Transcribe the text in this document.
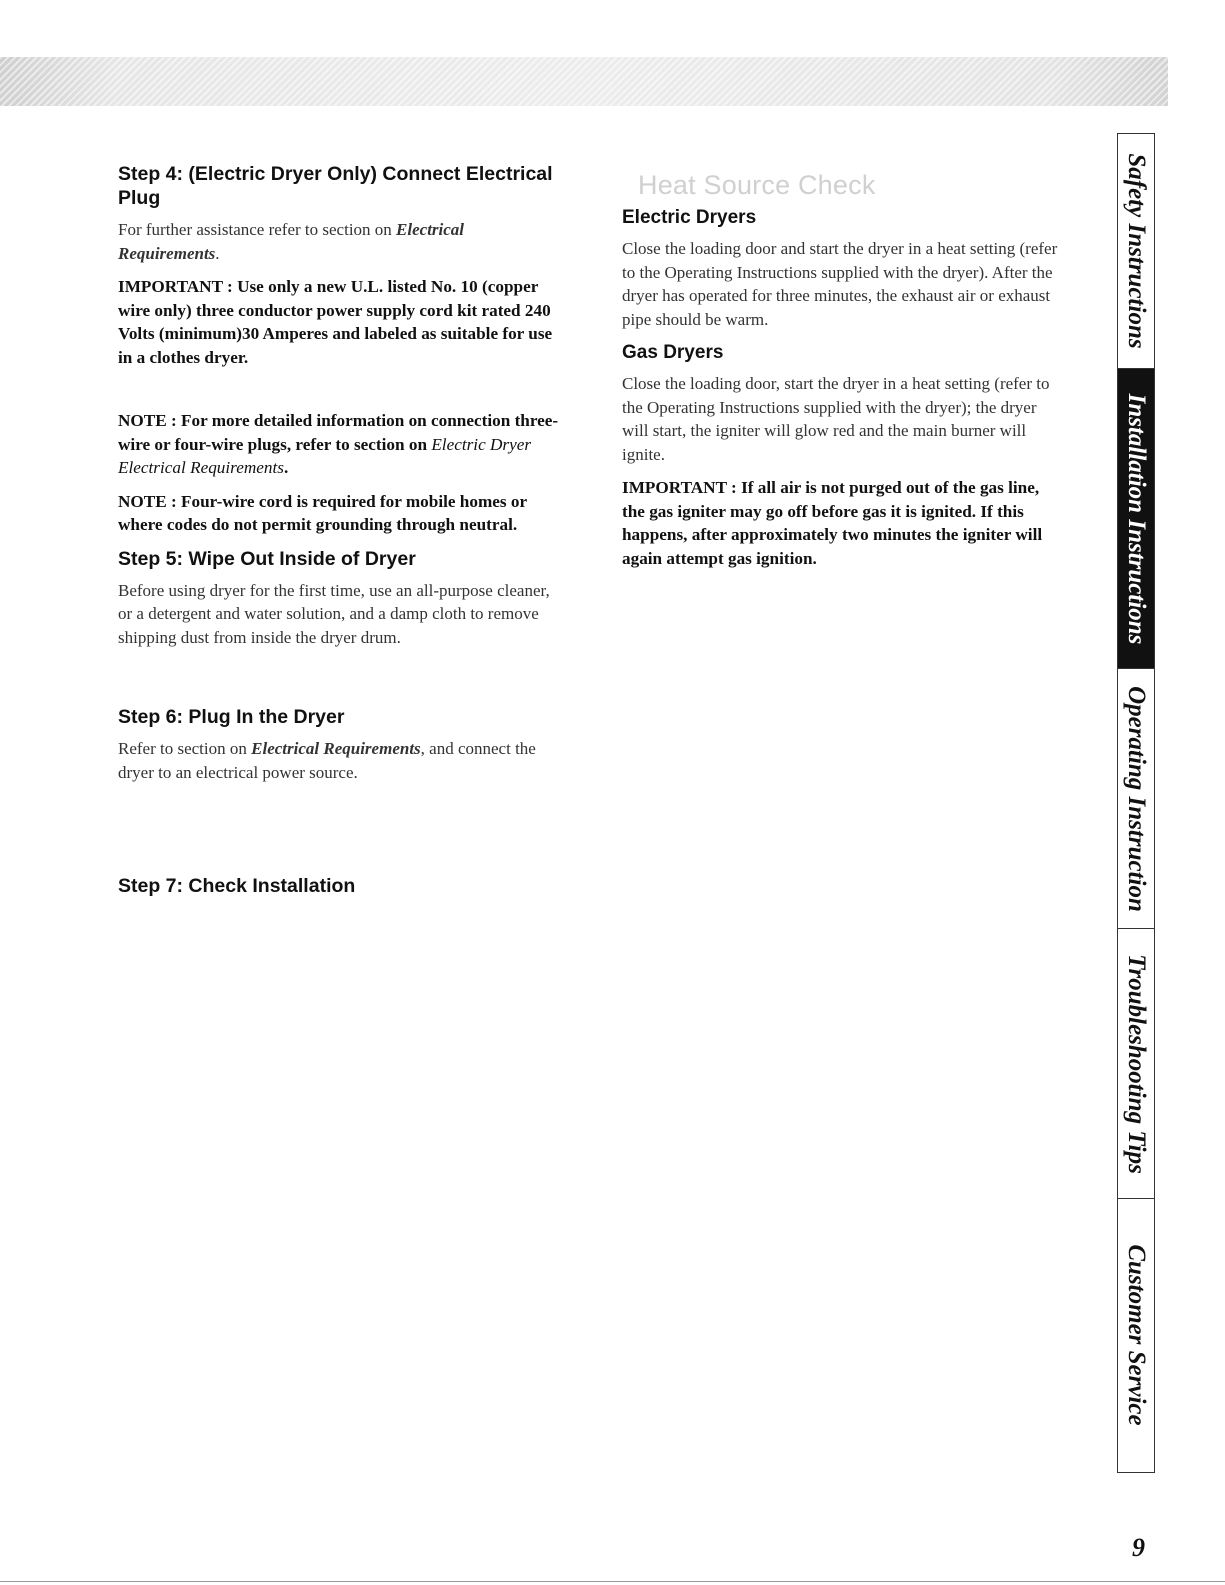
Step 4: (Electric Dryer Only) Connect Electrical Plug

For further assistance refer to section on Electrical Requirements.

IMPORTANT : Use only a new U.L. listed No. 10 (copper wire only) three conductor power supply cord kit rated 240 Volts (minimum)30 Amperes and labeled as suitable for use in a clothes dryer.

NOTE : For more detailed information on connection three-wire or four-wire plugs, refer to section on Electric Dryer Electrical Requirements.

NOTE : Four-wire cord is required for mobile homes or where codes do not permit grounding through neutral.

Step 5: Wipe Out Inside of Dryer

Before using dryer for the first time, use an all-purpose cleaner, or a detergent and water solution, and a damp cloth to remove shipping dust from inside the dryer drum.

Step 6: Plug In the Dryer

Refer to section on Electrical Requirements, and connect the dryer to an electrical power source.

Step 7: Check Installation
Heat Source Check
Electric Dryers

Close the loading door and start the dryer in a heat setting (refer to the Operating Instructions supplied with the dryer). After the dryer has operated for three minutes, the exhaust air or exhaust pipe should be warm.

Gas Dryers

Close the loading door, start the dryer in a heat setting (refer to the Operating Instructions supplied with the dryer); the dryer will start, the igniter will glow red and the main burner will ignite.

IMPORTANT : If all air is not purged out of the gas line, the gas igniter may go off before gas it is ignited. If this happens, after approximately two minutes the igniter will again attempt gas ignition.

Safety Instructions
Installation Instructions
Operating Instruction
Troubleshooting Tips
Customer Service
9
